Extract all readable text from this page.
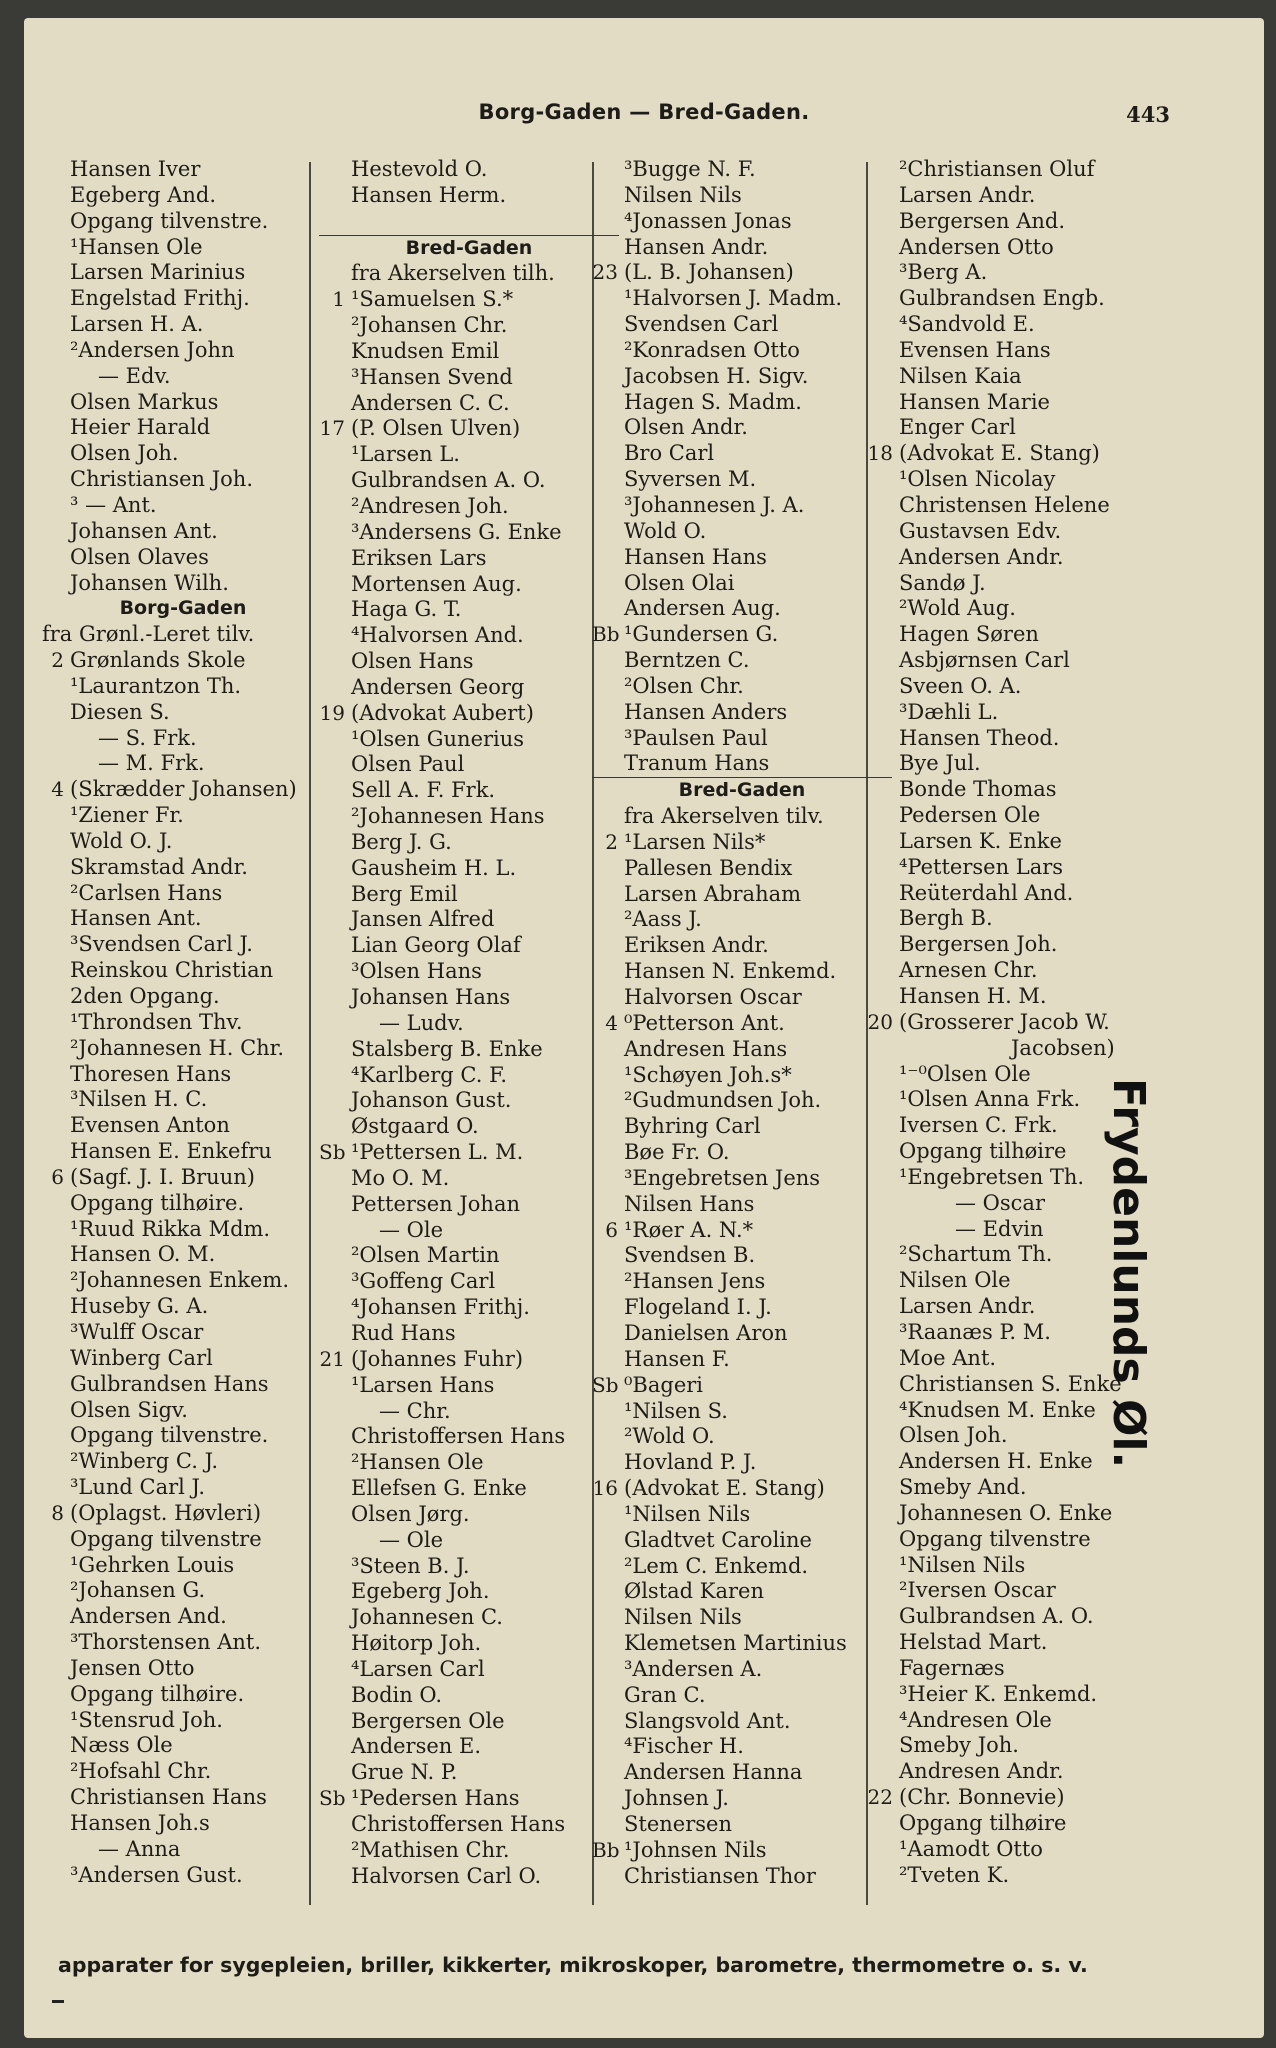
Borg-Gaden — Bred-Gaden.	443
Hansen Iver
Egeberg And.
Opgang tilvenstre.
¹Hansen Ole
Larsen Marinius
Engelstad Frithj.
Larsen H. A.
²Andersen John
— Edv.
Olsen Markus
Heier Harald
Olsen Joh.
Christiansen Joh.
³ — Ant.
Johansen Ant.
Olsen Olaves
Johansen Wilh.
Borg-Gaden
fra Grønl.-Leret tilv.
2 Grønlands Skole
¹Laurantzon Th.
Diesen S.
— S. Frk.
— M. Frk.
4 (Skrædder Johansen)
¹Ziener Fr.
Wold O. J.
Skramstad Andr.
²Carlsen Hans
Hansen Ant.
³Svendsen Carl J.
Reinskou Christian
2den Opgang.
¹Throndsen Thv.
²Johannesen H. Chr.
Thoresen Hans
³Nilsen H. C.
Evensen Anton
Hansen E. Enkefru
6 (Sagf. J. I. Bruun)
Opgang tilhøire.
¹Ruud Rikka Mdm.
Hansen O. M.
²Johannesen Enkem.
Huseby G. A.
³Wulff Oscar
Winberg Carl
Gulbrandsen Hans
Olsen Sigv.
Opgang tilvenstre.
²Winberg C. J.
³Lund Carl J.
8 (Oplagst. Høvleri)
Opgang tilvenstre
¹Gehrken Louis
²Johansen G.
Andersen And.
³Thorstensen Ant.
Jensen Otto
Opgang tilhøire.
¹Stensrud Joh.
Næss Ole
²Hofsahl Chr.
Christiansen Hans
Hansen Joh.s
— Anna
³Andersen Gust.
Hestevold O.
Hansen Herm.
Bred-Gaden
fra Akerselven tilh.
1 ¹Samuelsen S.*
²Johansen Chr.
Knudsen Emil
³Hansen Svend
Andersen C. C.
17 (P. Olsen Ulven)
¹Larsen L.
Gulbrandsen A. O.
²Andresen Joh.
³Andersens G. Enke
Eriksen Lars
Mortensen Aug.
Haga G. T.
⁴Halvorsen And.
Olsen Hans
Andersen Georg
19 (Advokat Aubert)
¹Olsen Gunerius
Olsen Paul
Sell A. F. Frk.
²Johannesen Hans
Berg J. G.
Gausheim H. L.
Berg Emil
Jansen Alfred
Lian Georg Olaf
³Olsen Hans
Johansen Hans
— Ludv.
Stalsberg B. Enke
⁴Karlberg C. F.
Johanson Gust.
Østgaard O.
Sb ¹Pettersen L. M.
Mo O. M.
Pettersen Johan
— Ole
²Olsen Martin
³Goffeng Carl
⁴Johansen Frithj.
Rud Hans
21 (Johannes Fuhr)
¹Larsen Hans
— Chr.
Christoffersen Hans
²Hansen Ole
Ellefsen G. Enke
Olsen Jørg.
— Ole
³Steen B. J.
Egeberg Joh.
Johannesen C.
Høitorp Joh.
⁴Larsen Carl
Bodin O.
Bergersen Ole
Andersen E.
Grue N. P.
Sb ¹Pedersen Hans
Christoffersen Hans
²Mathisen Chr.
Halvorsen Carl O.
³Bugge N. F.
Nilsen Nils
⁴Jonassen Jonas
Hansen Andr.
23 (L. B. Johansen)
¹Halvorsen J. Madm.
Svendsen Carl
²Konradsen Otto
Jacobsen H. Sigv.
Hagen S. Madm.
Olsen Andr.
Bro Carl
Syversen M.
³Johannesen J. A.
Wold O.
Hansen Hans
Olsen Olai
Andersen Aug.
Bb ¹Gundersen G.
Berntzen C.
²Olsen Chr.
Hansen Anders
³Paulsen Paul
Tranum Hans
Bred-Gaden
fra Akerselven tilv.
2 ¹Larsen Nils*
Pallesen Bendix
Larsen Abraham
²Aass J.
Eriksen Andr.
Hansen N. Enkemd.
Halvorsen Oscar
4 ⁰Petterson Ant.
Andresen Hans
¹Schøyen Joh.s*
²Gudmundsen Joh.
Byhring Carl
Bøe Fr. O.
³Engebretsen Jens
Nilsen Hans
6 ¹Røer A. N.*
Svendsen B.
²Hansen Jens
Flogeland I. J.
Danielsen Aron
Hansen F.
Sb ⁰Bageri
¹Nilsen S.
²Wold O.
Hovland P. J.
16 (Advokat E. Stang)
¹Nilsen Nils
Gladtvet Caroline
²Lem C. Enkemd.
Ølstad Karen
Nilsen Nils
Klemetsen Martinius
³Andersen A.
Gran C.
Slangsvold Ant.
⁴Fischer H.
Andersen Hanna
Johnsen J.
Stenersen
Bb ¹Johnsen Nils
Christiansen Thor
²Christiansen Oluf
Larsen Andr.
Bergersen And.
Andersen Otto
³Berg A.
Gulbrandsen Engb.
⁴Sandvold E.
Evensen Hans
Nilsen Kaia
Hansen Marie
Enger Carl
18 (Advokat E. Stang)
¹Olsen Nicolay
Christensen Helene
Gustavsen Edv.
Andersen Andr.
Sandø J.
²Wold Aug.
Hagen Søren
Asbjørnsen Carl
Sveen O. A.
³Dæhli L.
Hansen Theod.
Bye Jul.
Bonde Thomas
Pedersen Ole
Larsen K. Enke
⁴Pettersen Lars
Reüterdahl And.
Bergh B.
Bergersen Joh.
Arnesen Chr.
Hansen H. M.
20 (Grosserer Jacob W.
Jacobsen)
¹⁻⁰Olsen Ole
¹Olsen Anna Frk.
Iversen C. Frk.
Opgang tilhøire
¹Engebretsen Th.
— Oscar
— Edvin
²Schartum Th.
Nilsen Ole
Larsen Andr.
³Raanæs P. M.
Moe Ant.
Christiansen S. Enke
⁴Knudsen M. Enke
Olsen Joh.
Andersen H. Enke
Smeby And.
Johannesen O. Enke
Opgang tilvenstre
¹Nilsen Nils
²Iversen Oscar
Gulbrandsen A. O.
Helstad Mart.
Fagernæs
³Heier K. Enkemd.
⁴Andresen Ole
Smeby Joh.
Andresen Andr.
22 (Chr. Bonnevie)
Opgang tilhøire
¹Aamodt Otto
²Tveten K.
Frydenlunds Øl.
apparater for sygepleien, briller, kikkerter, mikroskoper, barometre, thermometre o. s. v.
